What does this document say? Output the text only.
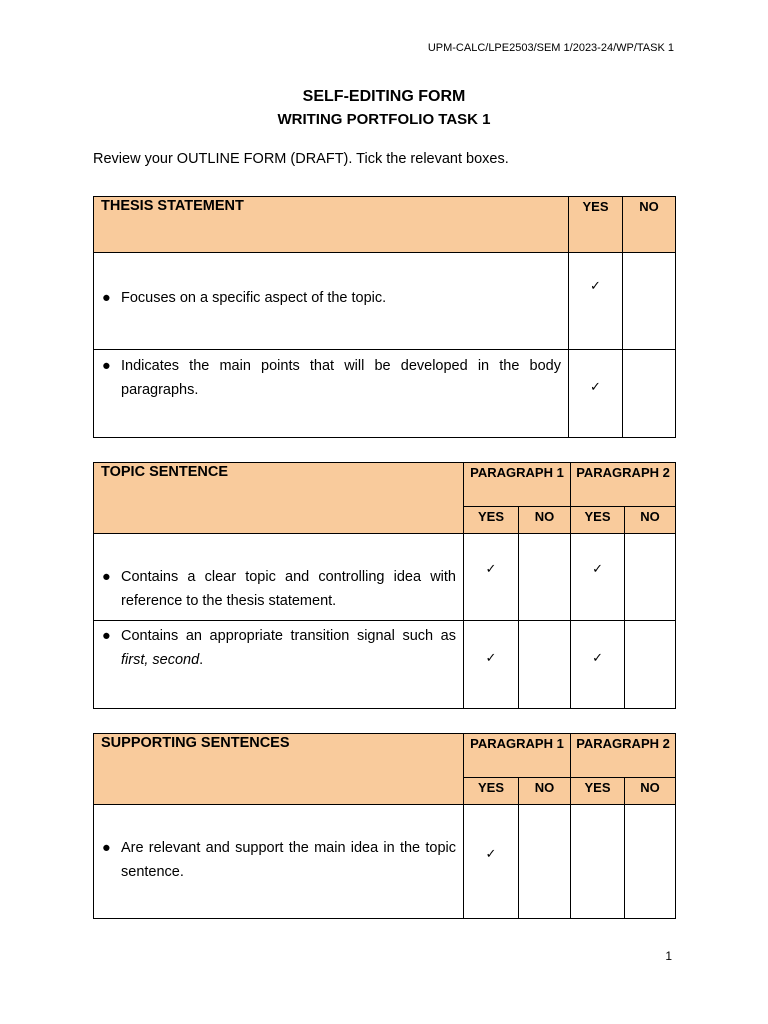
UPM-CALC/LPE2503/SEM 1/2023-24/WP/TASK 1
SELF-EDITING FORM
WRITING PORTFOLIO TASK 1
Review your OUTLINE FORM (DRAFT). Tick the relevant boxes.
THESIS STATEMENT	YES	NO

● Focuses on a specific aspect of the topic.	✓	

● Indicates the main points that will be developed in the body paragraphs.	✓	
TOPIC SENTENCE	PARAGRAPH 1		PARAGRAPH 2	
	YES	NO	YES	NO

● Contains a clear topic and controlling idea with reference to the thesis statement.	✓		✓	

● Contains an appropriate transition signal such as first, second.	✓		✓	
SUPPORTING SENTENCES	PARAGRAPH 1		PARAGRAPH 2	
	YES	NO	YES	NO

● Are relevant and support the main idea in the topic sentence.	✓			
1
